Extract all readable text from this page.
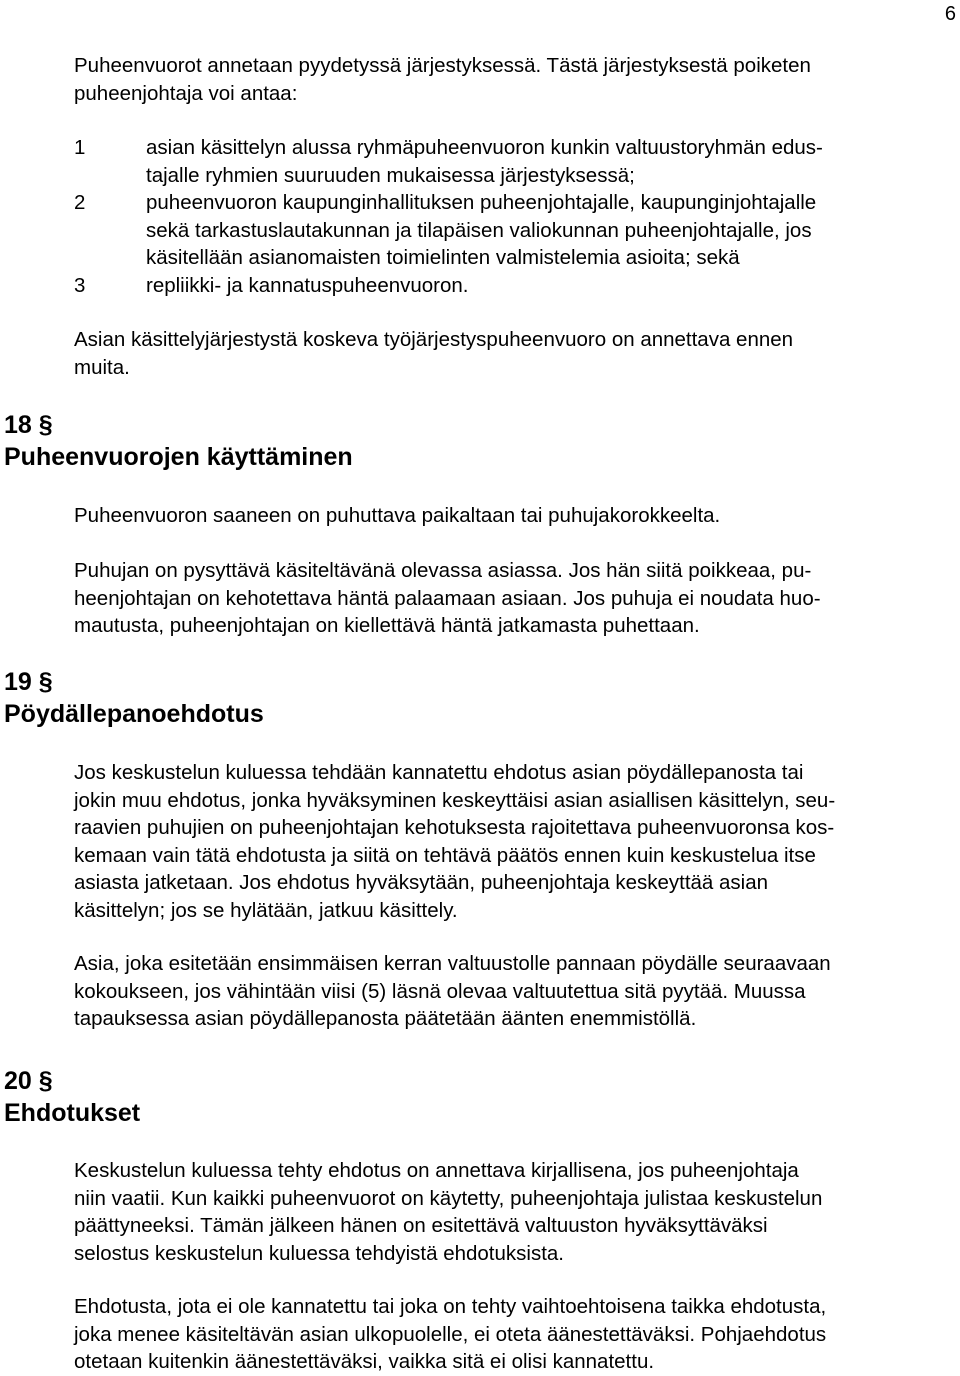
6
Puheenvuorot annetaan pyydetyssä järjestyksessä. Tästä järjestyksestä poiketen
puheenjohtaja voi antaa:
1	asian käsittelyn alussa ryhmäpuheenvuoron kunkin valtuustoryhmän edus-
tajalle ryhmien suuruuden mukaisessa järjestyksessä;
2	puheenvuoron kaupunginhallituksen puheenjohtajalle, kaupunginjohtajalle
sekä tarkastuslautakunnan ja tilapäisen valiokunnan puheenjohtajalle, jos
käsitellään asianomaisten toimielinten valmistelemia asioita; sekä
3	repliikki- ja kannatuspuheenvuoron.
Asian käsittelyjärjestystä koskeva työjärjestyspuheenvuoro on annettava ennen
muita.
18 §
Puheenvuorojen käyttäminen
Puheenvuoron saaneen on puhuttava paikaltaan tai puhujakorokkeelta.
Puhujan on pysyttävä käsiteltävänä olevassa asiassa. Jos hän siitä poikkeaa, pu-
heenjohtajan on kehotettava häntä palaamaan asiaan. Jos puhuja ei noudata huo-
mautusta, puheenjohtajan on kiellettävä häntä jatkamasta puhettaan.
19 §
Pöydällepanoehdotus
Jos keskustelun kuluessa tehdään kannatettu ehdotus asian pöydällepanosta tai
jokin muu ehdotus, jonka hyväksyminen keskeyttäisi asian asiallisen käsittelyn, seu-
raavien puhujien on puheenjohtajan kehotuksesta rajoitettava puheenvuoronsa kos-
kemaan vain tätä ehdotusta ja siitä on tehtävä päätös ennen kuin keskustelua itse
asiasta jatketaan. Jos ehdotus hyväksytään, puheenjohtaja keskeyttää asian
käsittelyn; jos se hylätään, jatkuu käsittely.
Asia, joka esitetään ensimmäisen kerran valtuustolle pannaan pöydälle seuraavaan
kokoukseen, jos vähintään viisi (5) läsnä olevaa valtuutettua sitä pyytää. Muussa
tapauksessa asian pöydällepanosta päätetään äänten enemmistöllä.
20 §
Ehdotukset
Keskustelun kuluessa tehty ehdotus on annettava kirjallisena, jos puheenjohtaja
niin vaatii. Kun kaikki puheenvuorot on käytetty, puheenjohtaja julistaa keskustelun
päättyneeksi. Tämän jälkeen hänen on esitettävä valtuuston hyväksyttäväksi
selostus keskustelun kuluessa tehdyistä ehdotuksista.
Ehdotusta, jota ei ole kannatettu tai joka on tehty vaihtoehtoisena taikka ehdotusta,
joka menee käsiteltävän asian ulkopuolelle, ei oteta äänestettäväksi. Pohjaehdotus
otetaan kuitenkin äänestettäväksi, vaikka sitä ei olisi kannatettu.
